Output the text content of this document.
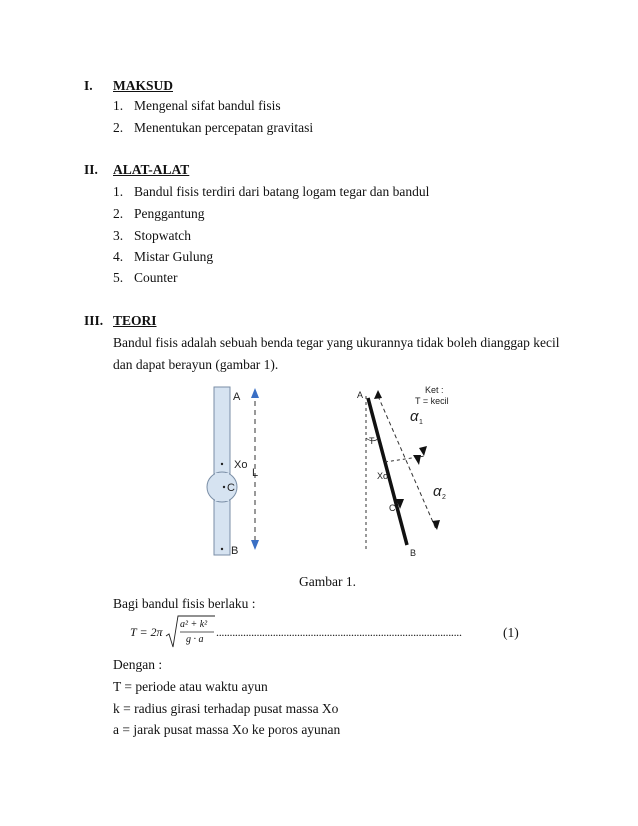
I. MAKSUD
1. Mengenal sifat bandul fisis
2. Menentukan percepatan gravitasi
II. ALAT-ALAT
1. Bandul fisis terdiri dari batang logam tegar dan bandul
2. Penggantung
3. Stopwatch
4. Mistar Gulung
5. Counter
III. TEORI
Bandul fisis adalah sebuah benda tegar yang ukurannya tidak boleh dianggap kecil
dan dapat berayun (gambar 1).
A
Xo
C
B
L
A
T
Xo
C
B
Ket :
T = kecil
α 1
α 2
Gambar 1.
Bagi bandul fisis berlaku :
T = 2π
a² + k²
g · a
...........................................................................................	(1)
Dengan :
T = periode atau waktu ayun
k = radius girasi terhadap pusat massa Xo
a = jarak pusat massa Xo ke poros ayunan
